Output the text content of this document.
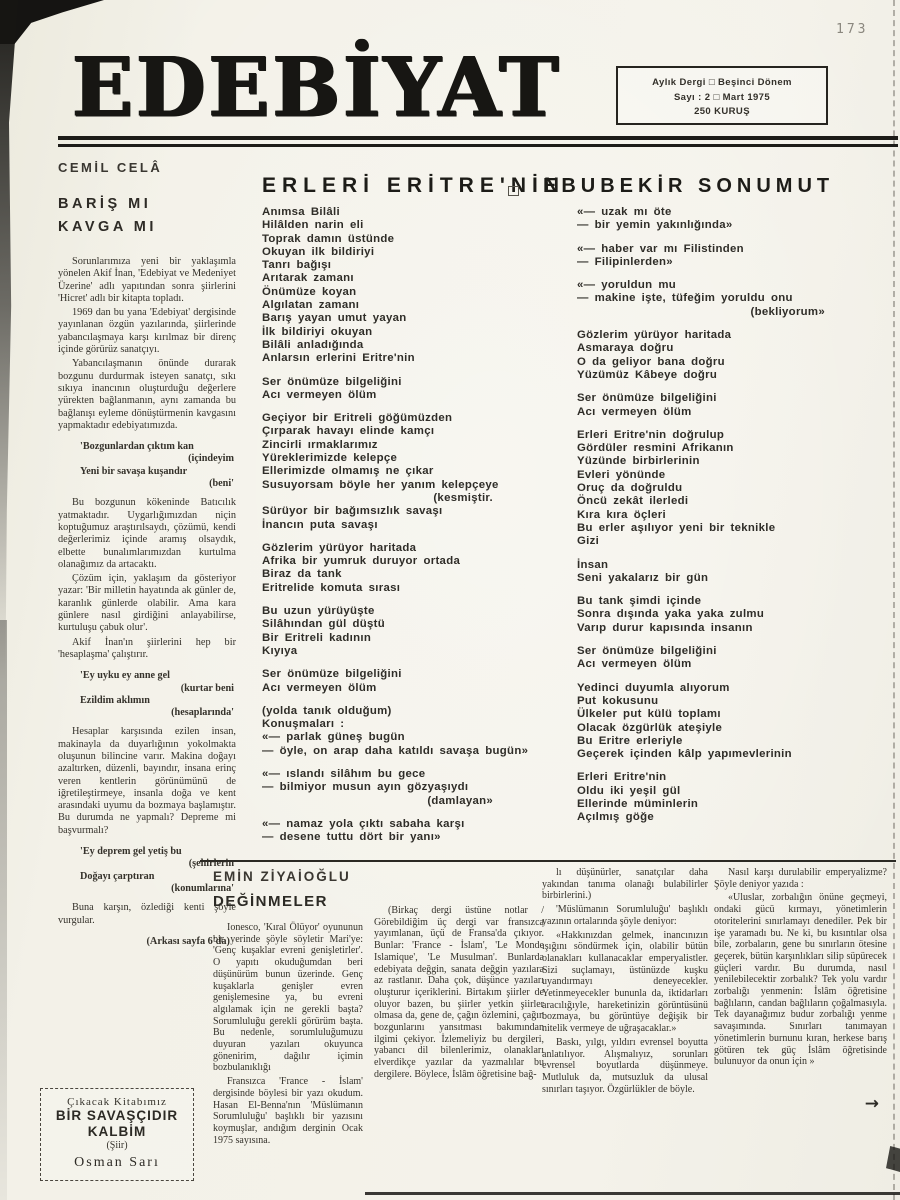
173
EDEBİYAT	Aylık Dergi □ Beşinci Dönem
Sayı : 2 □ Mart 1975
250 KURUŞ
CEMİL CELÂ
BARİŞ MI
KAVGA MI
Sorunlarımıza yeni bir yaklaşımla yönelen Akif İnan, 'Edebiyat ve Medeniyet Üzerine' adlı yapıtından sonra şiirlerini 'Hicret' adlı bir kitapta topladı.
1969 dan bu yana 'Edebiyat' dergisinde yayınlanan özgün yazılarında, şiirlerinde yabancılaşmaya karşı kırılmaz bir direnç içinde görürüz sanatçıyı.
Yabancılaşmanın önünde durarak bozgunu durdurmak isteyen sanatçı, sıkı sıkıya inancının oluşturduğu değerlere yürekten bağlanmanın, aynı zamanda bu bağlanışı eyleme dönüştürmenin kavgasını yapmaktadır edebiyatımızda.
'Bozgunlardan çıktım kan
(içindeyim
Yeni bir savaşa kuşandır
(beni'
Bu bozgunun kökeninde Batıcılık yatmaktadır. Uygarlığımızdan niçin koptuğumuz araştırılsaydı, çözümü, kendi değerlerimiz içinde aramış olsaydık, elbette bunalımlarımızdan kurtulma olanağımız da artacaktı.
Çözüm için, yaklaşım da gösteriyor yazar: 'Bir milletin hayatında ak günler de, karanlık günlerde olabilir. Ama kara günlere nasıl girdiğini anlayabilirse, kurtuluşu çabuk olur'.
Akif İnan'ın şiirlerini hep bir 'hesaplaşma' çalıştırır.
'Ey uyku ey anne gel
(kurtar beni
Ezildim aklımın
(hesaplarında'
Hesaplar karşısında ezilen insan, makinayla da duyarlığının yokolmakta oluşunun bilincine varır. Makina doğayı azaltırken, düzenli, bayındır, insana erinç veren kentlerin görünümünü de iğretileştirmeye, insanla doğa ve kent arasındaki uyumu da bozmaya başlamıştır. Bu durumda ne yapmalı? Depreme mi başvurmalı?
'Ey deprem gel yetiş bu
(şehirlerin
Doğayı çarptıran
(konumlarına'
Buna karşın, özlediği kenti şöyle vurgular.
(Arkası sayfa 6'da)
Çıkacak Kitabımız
BİR SAVAŞÇIDIR
KALBİM
(Şiir)
Osman Sarı
ERLERİ ERİTRE'NİN
Anımsa Bilâli
Hilâlden narin eli
Toprak damın üstünde
Okuyan ilk bildiriyi
Tanrı bağışı
Arıtarak zamanı
Önümüze koyan
Algılatan zamanı
Barış yayan umut yayan
İlk bildiriyi okuyan
Bilâli anladığında
Anlarsın erlerini Eritre'nin
Ser önümüze bilgeliğini
Acı vermeyen ölüm
Geçiyor bir Eritreli göğümüzden
Çırparak havayı elinde kamçı
Zincirli ırmaklarımız
Yüreklerimizde kelepçe
Ellerimizde olmamış ne çıkar
Susuyorsam böyle her yanım kelepçeye
(kesmiştir.
Sürüyor bir bağımsızlık savaşı
İnancın puta savaşı
Gözlerim yürüyor haritada
Afrika bir yumruk duruyor ortada
Biraz da tank
Eritrelide komuta sırası
Bu uzun yürüyüşte
Silâhından gül düştü
Bir Eritreli kadının
Kıyıya
Ser önümüze bilgeliğini
Acı vermeyen ölüm
(yolda tanık olduğum)
Konuşmaları :
«— parlak güneş bugün
— öyle, on arap daha katıldı savaşa bugün»
«— ıslandı silâhım bu gece
— bilmiyor musun ayın gözyaşıydı
(damlayan»
«— namaz yola çıktı sabaha karşı
— desene tuttu dört bir yanı»
EBUBEKİR SONUMUT
«— uzak mı öte
— bir yemin yakınlığında»
«— haber var mı Filistinden
— Filipinlerden»
«— yoruldun mu
— makine işte, tüfeğim yoruldu onu
(bekliyorum»
Gözlerim yürüyor haritada
Asmaraya doğru
O da geliyor bana doğru
Yüzümüz Kâbeye doğru
Ser önümüze bilgeliğini
Acı vermeyen ölüm
Erleri Eritre'nin doğrulup
Gördüler resmini Afrikanın
Yüzünde birbirlerinin
Evleri yönünde
Oruç da doğruldu
Öncü zekât ilerledi
Kıra kıra öçleri
Bu erler aşılıyor yeni bir teknikle
Gizi
İnsan
Seni yakalarız bir gün
Bu tank şimdi içinde
Sonra dışında yaka yaka zulmu
Varıp durur kapısında insanın
Ser önümüze bilgeliğini
Acı vermeyen ölüm
Yedinci duyumla alıyorum
Put kokusunu
Ülkeler put külü toplamı
Olacak özgürlük ateşiyle
Bu Eritre erleriyle
Geçerek içinden kâlp yapımevlerinin
Erleri Eritre'nin
Oldu iki yeşil gül
Ellerinde müminlerin
Açılmış göğe
EMİN ZİYAİOĞLU
DEĞİNMELER
Ionesco, 'Kıral Ölüyor' oyununun bir yerinde şöyle söyletir Mari'ye: 'Genç kuşaklar evreni genişletirler'. O yapıtı okuduğumdan beri düşünürüm bunun üzerinde. Genç kuşaklarla genişler evren genişlemesine ya, bu evreni algılamak için ne gerekli başta? Sorumluluğu gerekli görürüm başta. Bu nedenle, sorumluluğumuzu duyuran yazıları okuyunca gönenirim, dağılır içimin bozbulanıklığı
Fransızca 'France - İslam' dergisinde böylesi bir yazı okudum. Hasan El-Benna'nın 'Müslümanın Sorumluluğu' başlıklı bir yazısını koymuşlar, andığım derginin Ocak 1975 sayısına.
(Birkaç dergi üstüne notlar / Görebildiğim üç dergi var fransızca yayımlanan, üçü de Fransa'da çıkıyor. Bunlar: 'France - İslam', 'Le Monde Islamique', 'Le Musulman'. Bunlarda edebiyata değgin, sanata değgin yazılara az rastlanır. Daha çok, düşünce yazıları oluşturur içeriklerini. Birtakım şiirler de oluyor bazen, bu şiirler yetkin şiirler olmasa da, gene de, çağın özlemini, çağın bozgunlarını yansıtması bakımından ilgimi çekiyor. İzlemeliyiz bu dergileri, yabancı dil bilenlerimiz, olanakları elverdikçe yazılar da yazmalılar bu dergilere. Böylece, İslâm öğretisine bağ-
lı düşünürler, sanatçılar daha yakından tanıma olanağı bulabilirler birbirlerini.)
'Müslümanın Sorumluluğu' başlıklı yazının ortalarında şöyle deniyor:
«Hakkınızdan gelmek, inancınızın ışığını söndürmek için, olabilir bütün olanakları kullanacaklar emperyalistler. Sizi suçlamayı, üstünüzde kuşku uyandırmayı deneyecekler. Yetinmeyecekler bununla da, iktidarları aracılığıyle, hareketinizin görüntüsünü bozmaya, bu görüntüye değişik bir nitelik vermeye de uğraşacaklar.»
Baskı, yılgı, yıldırı evrensel boyutta anlatılıyor. Alışmalıyız, sorunları evrensel boyutlarda düşünmeye. Mutluluk da, mutsuzluk da ulusal sınırları taşıyor. Özgürlükler de böyle.
Nasıl karşı durulabilir emperyalizme? Şöyle deniyor yazıda :
«Uluslar, zorbalığın önüne geçmeyi, ondaki gücü kırmayı, yönetimlerin otoritelerini sınırlamayı denediler. Pek bir işe yaramadı bu. Ne ki, bu kısıntılar olsa bile, zorbaların, gene bu sınırların ötesine geçerek, bütün karşınlıkları silip süpürecek güçleri vardır. Bu durumda, nasıl yenilebilecektir zorbalık? Tek yolu vardır zorbalığı yenmenin: İslâm öğretisine bağlıların, candan bağlıların çoğalmasıyla. Tek dayanağımız budur zorbalığı yenme savaşımında. Sınırları tanımayan yönetimlerin burnunu kıran, herkese barış götüren tek güç İslâm öğretisinde bulunuyor da onun için »
→
